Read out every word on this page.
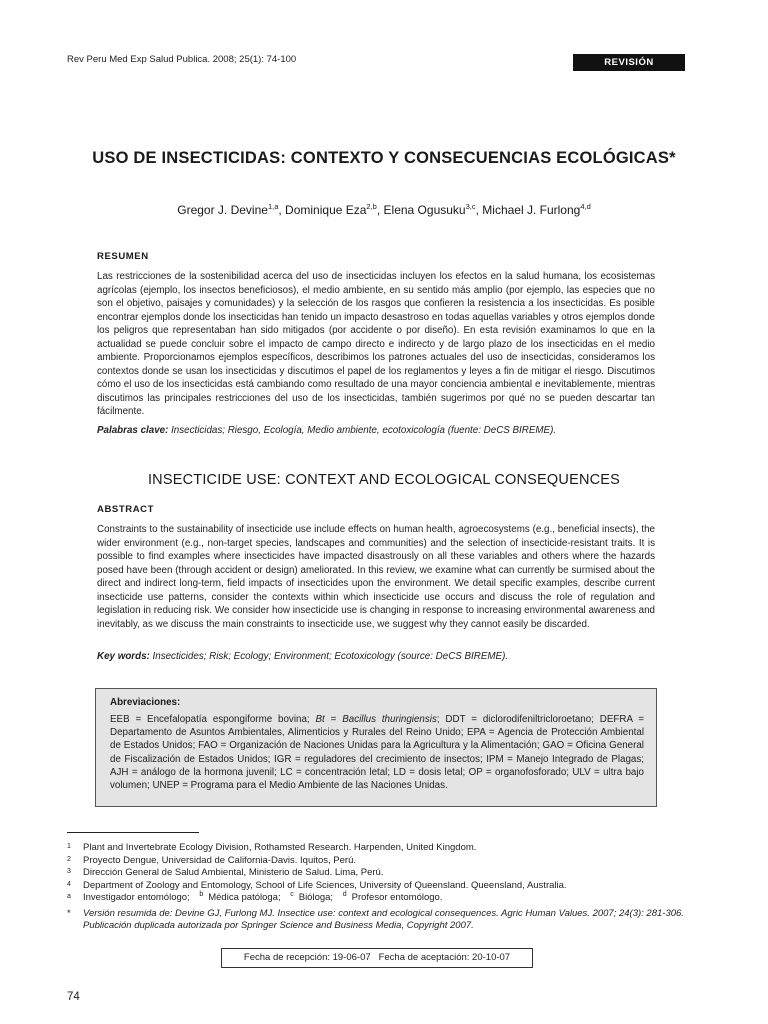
Rev Peru Med Exp Salud Publica. 2008; 25(1): 74-100	REVISIÓN
USO DE INSECTICIDAS: CONTEXTO Y CONSECUENCIAS ECOLÓGICAS*
Gregor J. Devine$^{1,a}$, Dominique Eza$^{2,b}$, Elena Ogusuku$^{3,c}$, Michael J. Furlong$^{4,d}$
RESUMEN

Las restricciones de la sostenibilidad acerca del uso de insecticidas incluyen los efectos en la salud humana, los ecosistemas agrícolas (ejemplo, los insectos beneficiosos), el medio ambiente, en su sentido más amplio (por ejemplo, las especies que no son el objetivo, paisajes y comunidades) y la selección de los rasgos que confieren la resistencia a los insecticidas. Es posible encontrar ejemplos donde los insecticidas han tenido un impacto desastroso en todas aquellas variables y otros ejemplos donde los peligros que representaban han sido mitigados (por accidente o por diseño). En esta revisión examinamos lo que en la actualidad se puede concluir sobre el impacto de campo directo e indirecto y de largo plazo de los insecticidas en el medio ambiente. Proporcionamos ejemplos específicos, describimos los patrones actuales del uso de insecticidas, consideramos los contextos donde se usan los insecticidas y discutimos el papel de los reglamentos y leyes a fin de mitigar el riesgo. Discutimos cómo el uso de los insecticidas está cambiando como resultado de una mayor conciencia ambiental e inevitablemente, mientras discutimos las principales restricciones del uso de los insecticidas, también sugerimos por qué no se pueden descartar tan fácilmente.

Palabras clave: Insecticidas; Riesgo, Ecología, Medio ambiente, ecotoxicología (fuente: DeCS BIREME).
INSECTICIDE USE: CONTEXT AND ECOLOGICAL CONSEQUENCES
ABSTRACT

Constraints to the sustainability of insecticide use include effects on human health, agroecosystems (e.g., beneficial insects), the wider environment (e.g., non-target species, landscapes and communities) and the selection of insecticide-resistant traits. It is possible to find examples where insecticides have impacted disastrously on all these variables and others where the hazards posed have been (through accident or design) ameliorated. In this review, we examine what can currently be surmised about the direct and indirect long-term, field impacts of insecticides upon the environment. We detail specific examples, describe current insecticide use patterns, consider the contexts within which insecticide use occurs and discuss the role of regulation and legislation in reducing risk. We consider how insecticide use is changing in response to increasing environmental awareness and inevitably, as we discuss the main constraints to insecticide use, we suggest why they cannot easily be discarded.

Key words: Insecticides; Risk; Ecology; Environment; Ecotoxicology (source: DeCS BIREME).
Abreviaciones:
EEB = Encefalopatía espongiforme bovina; Bt = Bacillus thuringiensis; DDT = diclorodifeniltricloroetano; DEFRA = Departamento de Asuntos Ambientales, Alimenticios y Rurales del Reino Unido; EPA = Agencia de Protección Ambiental de Estados Unidos; FAO = Organización de Naciones Unidas para la Agricultura y la Alimentación; GAO = Oficina General de Fiscalización de Estados Unidos; IGR = reguladores del crecimiento de insectos; IPM = Manejo Integrado de Plagas; AJH = análogo de la hormona juvenil; LC = concentración letal; LD = dosis letal; OP = organofosforado; ULV = ultra bajo volumen; UNEP = Programa para el Medio Ambiente de las Naciones Unidas.
1	Plant and Invertebrate Ecology Division, Rothamsted Research. Harpenden, United Kingdom.
2	Proyecto Dengue, Universidad de California-Davis. Iquitos, Perú.
3	Dirección General de Salud Ambiental, Ministerio de Salud. Lima, Perú.
4	Department of Zoology and Entomology, School of Life Sciences, University of Queensland. Queensland, Australia.
a	Investigador entomólogo; $^b$ Médica patóloga; $^c$ Bióloga; $^d$ Profesor entomólogo.
*	Versión resumida de: Devine GJ, Furlong MJ. Insectice use: context and ecological consequences. Agric Human Values. 2007; 24(3): 281-306. Publicación duplicada autorizada por Springer Science and Business Media, Copyright 2007.
Fecha de recepción: 19-06-07   Fecha de aceptación: 20-10-07
74
